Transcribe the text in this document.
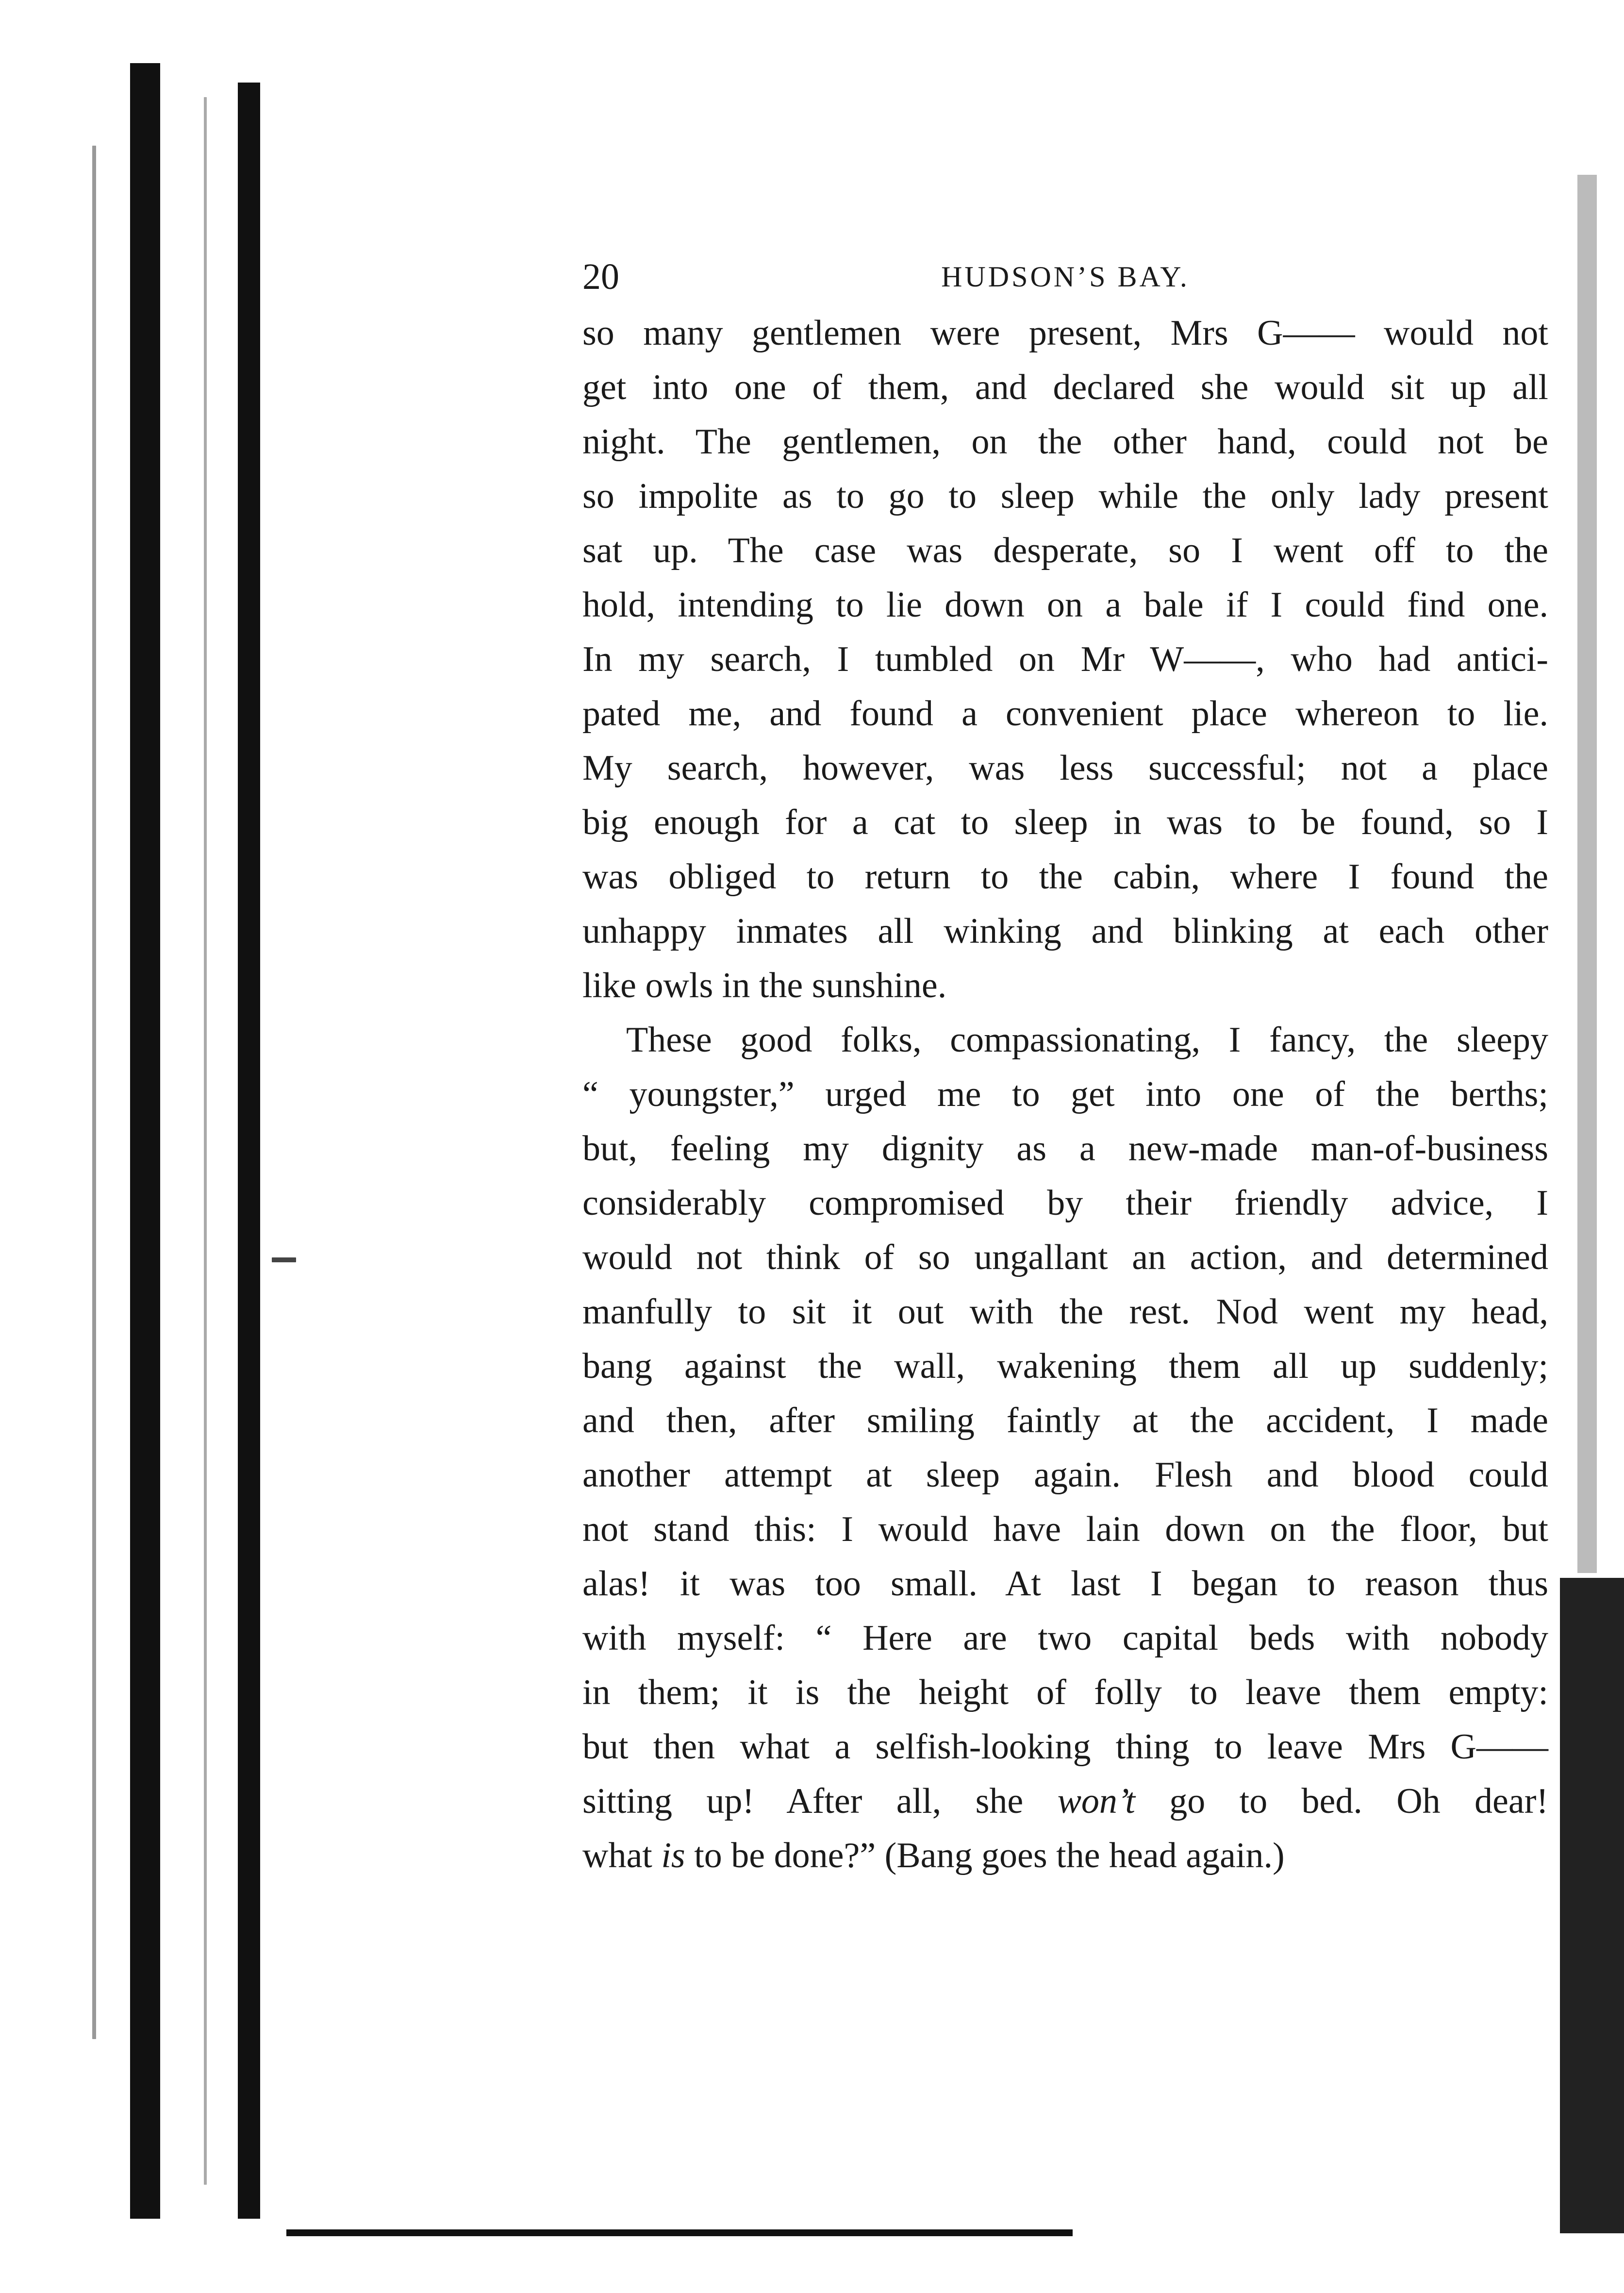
20	HUDSON’S BAY.
so many gentlemen were present, Mrs G—— would not
get into one of them, and declared she would sit up all
night. The gentlemen, on the other hand, could not be
so impolite as to go to sleep while the only lady present
sat up. The case was desperate, so I went off to the
hold, intending to lie down on a bale if I could find one.
In my search, I tumbled on Mr W——, who had antici-
pated me, and found a convenient place whereon to lie.
My search, however, was less successful; not a place
big enough for a cat to sleep in was to be found, so I
was obliged to return to the cabin, where I found the
unhappy inmates all winking and blinking at each other
like owls in the sunshine.
These good folks, compassionating, I fancy, the sleepy
“ youngster,” urged me to get into one of the berths;
but, feeling my dignity as a new-made man-of-business
considerably compromised by their friendly advice, I
would not think of so ungallant an action, and determined
manfully to sit it out with the rest. Nod went my head,
bang against the wall, wakening them all up suddenly;
and then, after smiling faintly at the accident, I made
another attempt at sleep again. Flesh and blood could
not stand this: I would have lain down on the floor, but
alas! it was too small. At last I began to reason thus
with myself: “ Here are two capital beds with nobody
in them; it is the height of folly to leave them empty:
but then what a selfish-looking thing to leave Mrs G——
sitting up! After all, she won’t go to bed. Oh dear!
what is to be done?” (Bang goes the head again.)
